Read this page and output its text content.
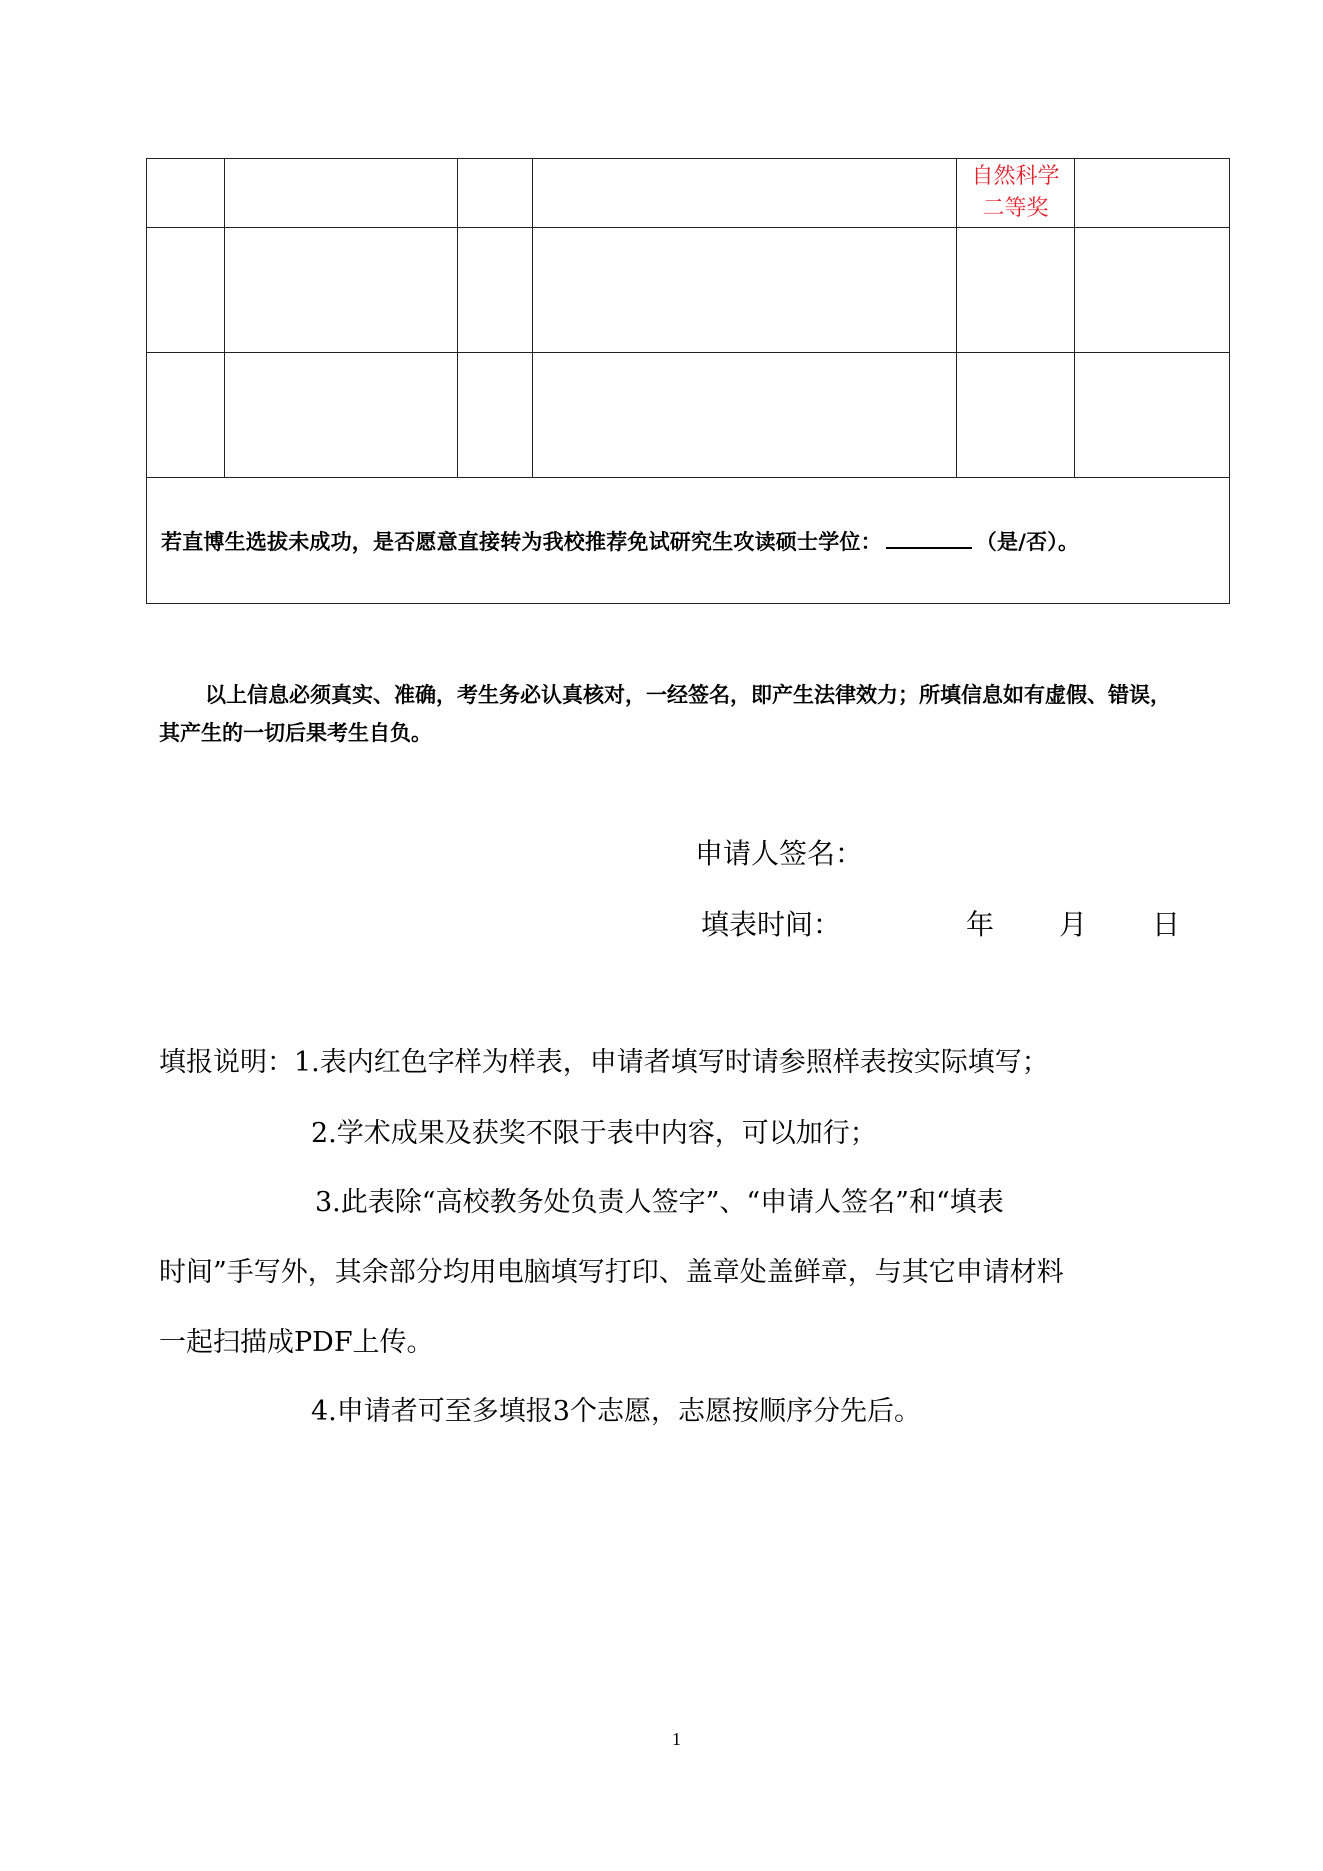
				自然科学
二等奖	

若直博生选拔未成功，是否愿意直接转为我校推荐免试研究生攻读硕士学位： （是/否）。					
以上信息必须真实、准确，考生务必认真核对，一经签名，即产生法律效力；所填信息如有虚假、错误，
其产生的一切后果考生自负。
申请人签名：
填表时间：	年 月 日
填报说明：1.表内红色字样为样表，申请者填写时请参照样表按实际填写；
2.学术成果及获奖不限于表中内容，可以加行；
3.此表除“高校教务处负责人签字”、“申请人签名”和“填表
时间”手写外，其余部分均用电脑填写打印、盖章处盖鲜章，与其它申请材料
一起扫描成PDF上传。
4.申请者可至多填报3个志愿，志愿按顺序分先后。
1
